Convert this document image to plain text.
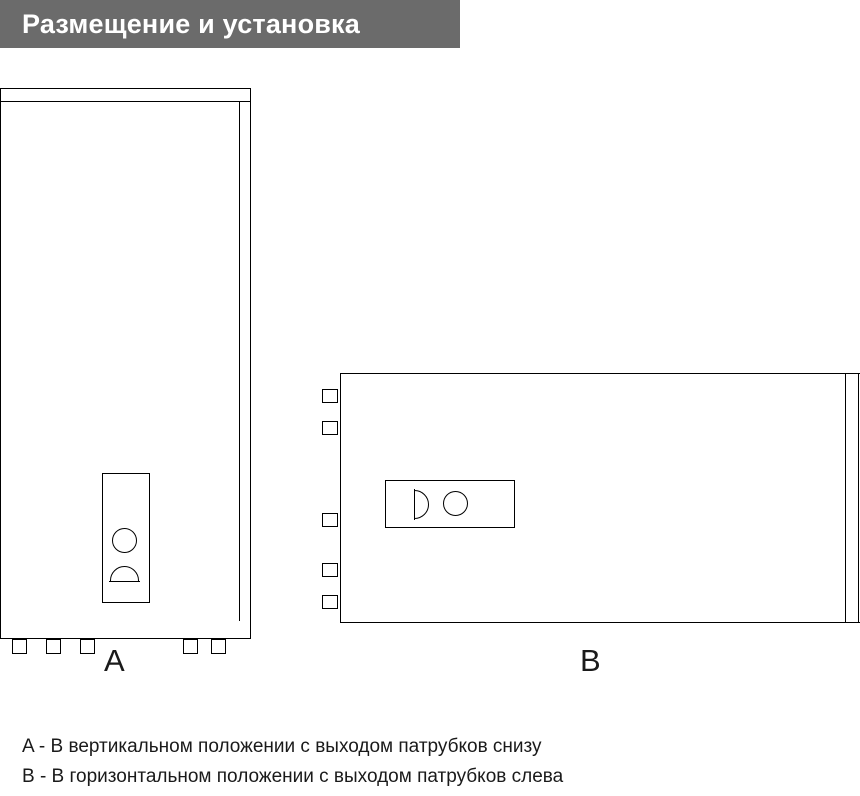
Размещение и установка
A	B
A - В вертикальном положении с выходом патрубков снизу
B - В горизонтальном положении с выходом патрубков слева
